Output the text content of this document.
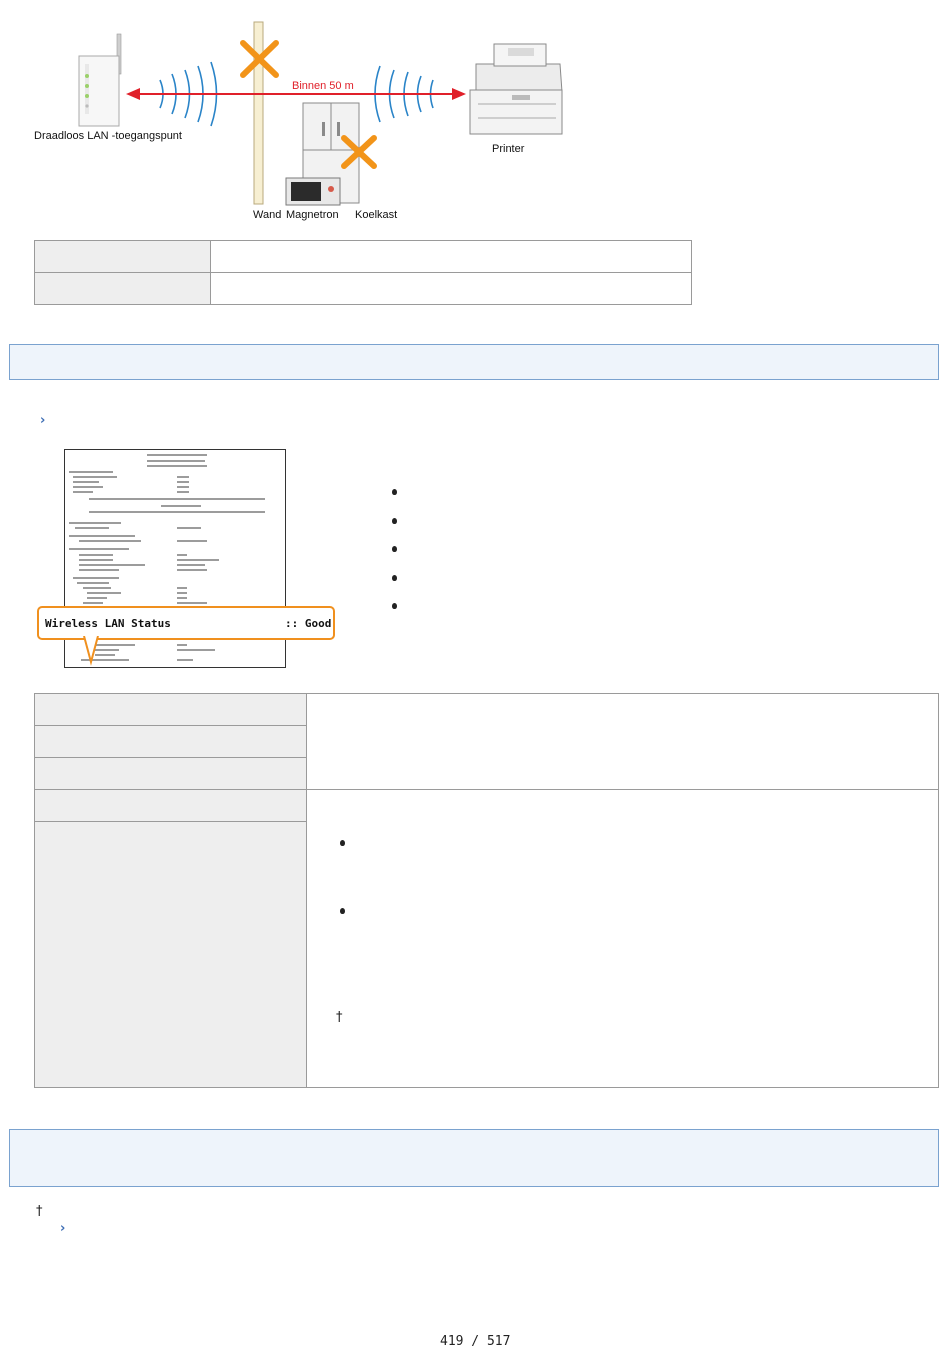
Draadloos LAN -toegangspunt
Binnen 50 m
Printer
Wand Magnetron Koelkast

›
Wireless LAN Status	:: Good

†
†
›
419 / 517
